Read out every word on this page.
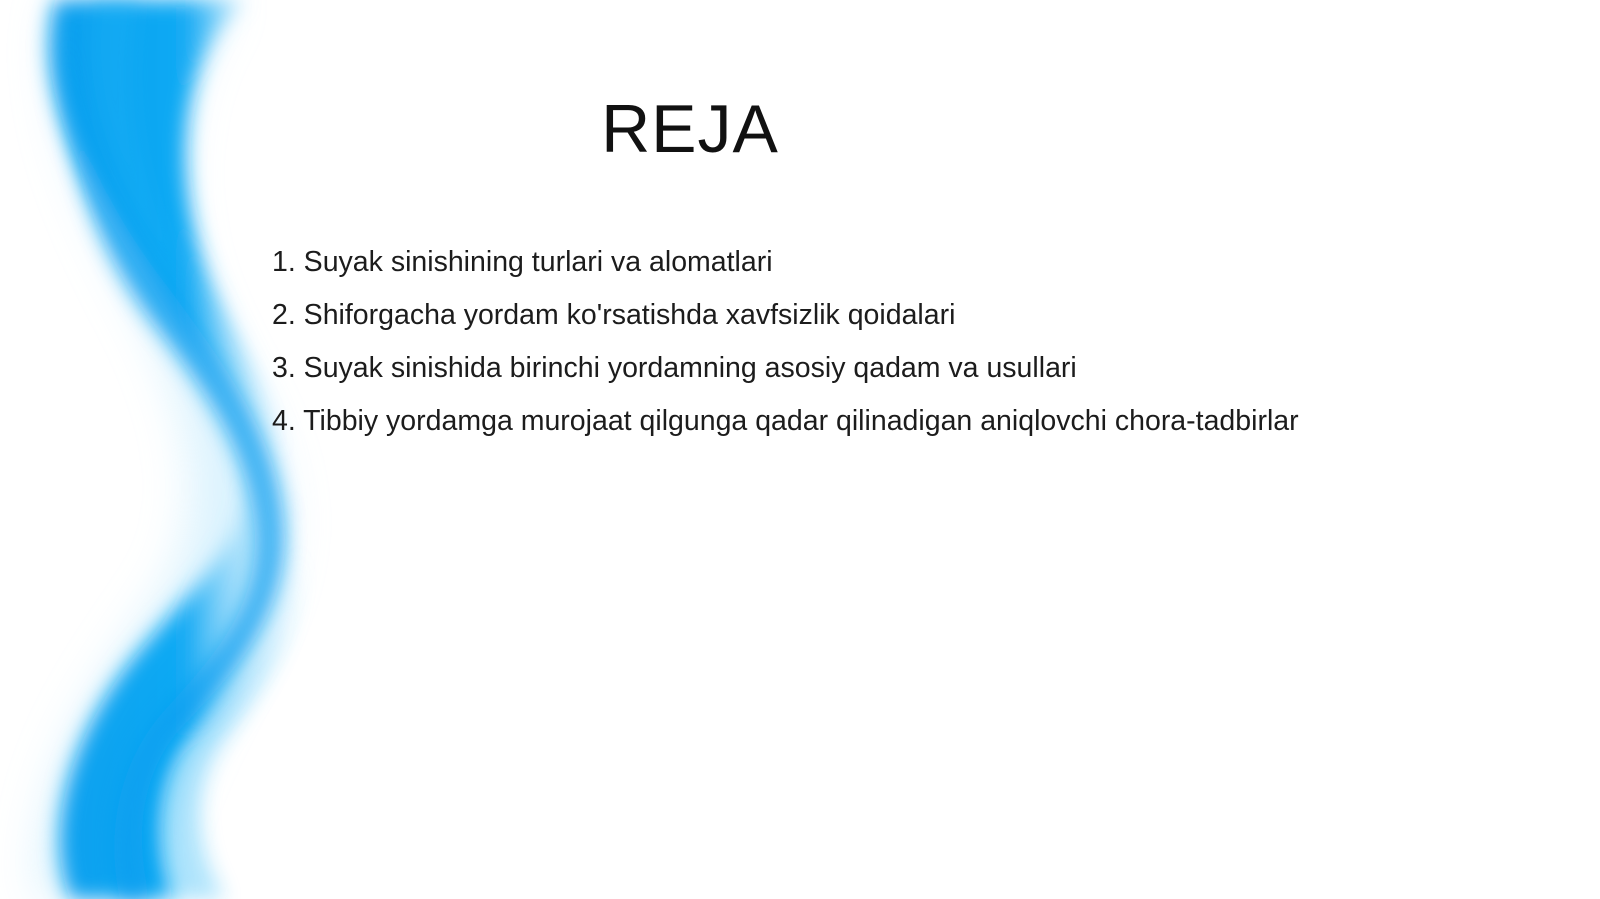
REJA
1. Suyak sinishining turlari va alomatlari
2. Shiforgacha yordam ko'rsatishda xavfsizlik qoidalari
3. Suyak sinishida birinchi yordamning asosiy qadam va usullari
4. Tibbiy yordamga murojaat qilgunga qadar qilinadigan aniqlovchi chora-tadbirlar
